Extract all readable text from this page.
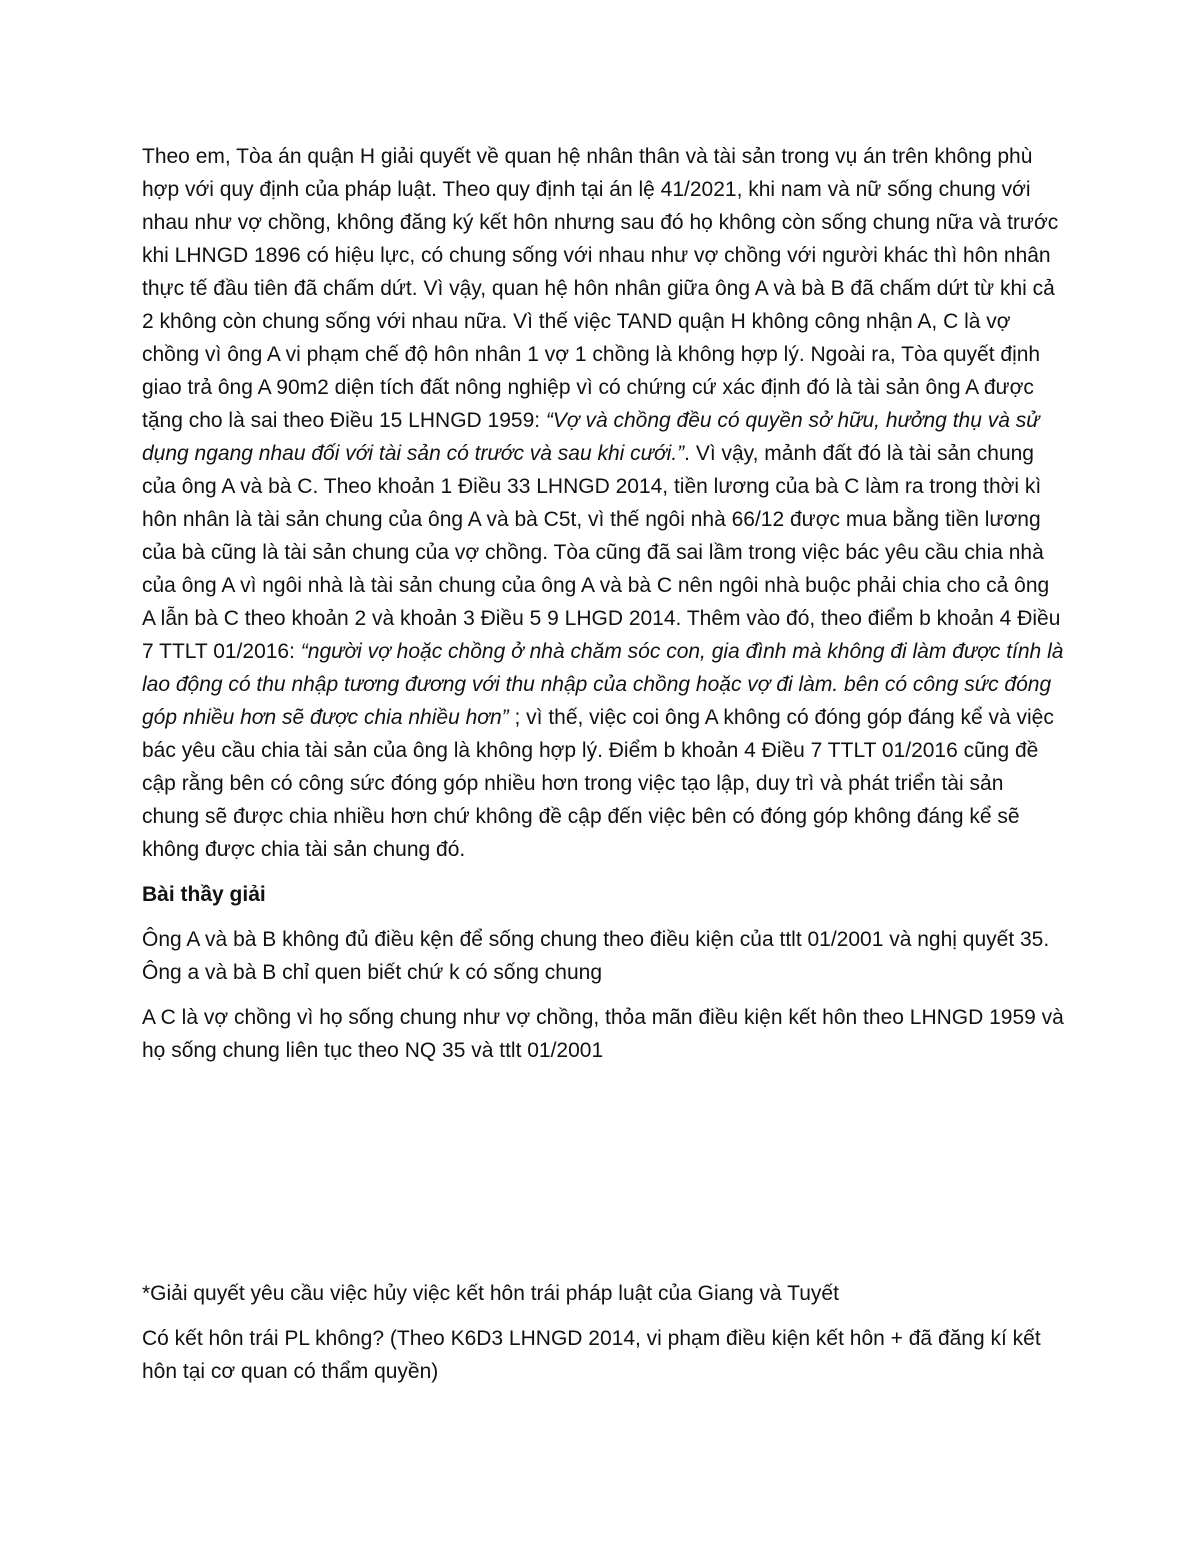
Theo em, Tòa án quận H giải quyết về quan hệ nhân thân và tài sản trong vụ án trên không phù hợp với quy định của pháp luật. Theo quy định tại án lệ 41/2021, khi nam và nữ sống chung với nhau như vợ chồng, không đăng ký kết hôn nhưng sau đó họ không còn sống chung nữa và trước khi LHNGD 1896 có hiệu lực, có chung sống với nhau như vợ chồng với người khác thì hôn nhân thực tế đầu tiên đã chấm dứt. Vì vậy, quan hệ hôn nhân giữa ông A và bà B đã chấm dứt từ khi cả 2 không còn chung sống với nhau nữa. Vì thế việc TAND quận H không công nhận A, C là vợ chồng vì ông A vi phạm chế độ hôn nhân 1 vợ 1 chồng là không hợp lý. Ngoài ra, Tòa quyết định giao trả ông A 90m2 diện tích đất nông nghiệp vì có chứng cứ xác định đó là tài sản ông A được tặng cho là sai theo Điều 15 LHNGD 1959: “Vợ và chồng đều có quyền sở hữu, hưởng thụ và sử dụng ngang nhau đối với tài sản có trước và sau khi cưới.”. Vì vậy, mảnh đất đó là tài sản chung của ông A và bà C. Theo khoản 1 Điều 33 LHNGD 2014, tiền lương của bà C làm ra trong thời kì hôn nhân là tài sản chung của ông A và bà C5t, vì thế ngôi nhà 66/12 được mua bằng tiền lương của bà cũng là tài sản chung của vợ chồng. Tòa cũng đã sai lầm trong việc bác yêu cầu chia nhà của ông A vì ngôi nhà là tài sản chung của ông A và bà C nên ngôi nhà buộc phải chia cho cả ông A lẫn bà C theo khoản 2 và khoản 3 Điều 5 9 LHGD 2014. Thêm vào đó, theo điểm b khoản 4 Điều 7 TTLT 01/2016: “người vợ hoặc chồng ở nhà chăm sóc con, gia đình mà không đi làm được tính là lao động có thu nhập tương đương với thu nhập của chồng hoặc vợ đi làm. bên có công sức đóng góp nhiều hơn sẽ được chia nhiều hơn” ; vì thế, việc coi ông A không có đóng góp đáng kể và việc bác yêu cầu chia tài sản của ông là không hợp lý. Điểm b khoản 4 Điều 7 TTLT 01/2016 cũng đề cập rằng bên có công sức đóng góp nhiều hơn trong việc tạo lập, duy trì và phát triển tài sản chung sẽ được chia nhiều hơn chứ không đề cập đến việc bên có đóng góp không đáng kể sẽ không được chia tài sản chung đó.

Bài thầy giải

Ông A và bà B không đủ điều kện để sống chung theo điều kiện của ttlt 01/2001 và nghị quyết 35. Ông a và bà B chỉ quen biết chứ k có sống chung

A C là vợ chồng vì họ sống chung như vợ chồng, thỏa mãn điều kiện kết hôn theo LHNGD 1959 và họ sống chung liên tục theo NQ 35 và ttlt 01/2001

*Giải quyết yêu cầu việc hủy việc kết hôn trái pháp luật của Giang và Tuyết

Có kết hôn trái PL không? (Theo K6D3 LHNGD 2014, vi phạm điều kiện kết hôn + đã đăng kí kết hôn tại cơ quan có thẩm quyền)
